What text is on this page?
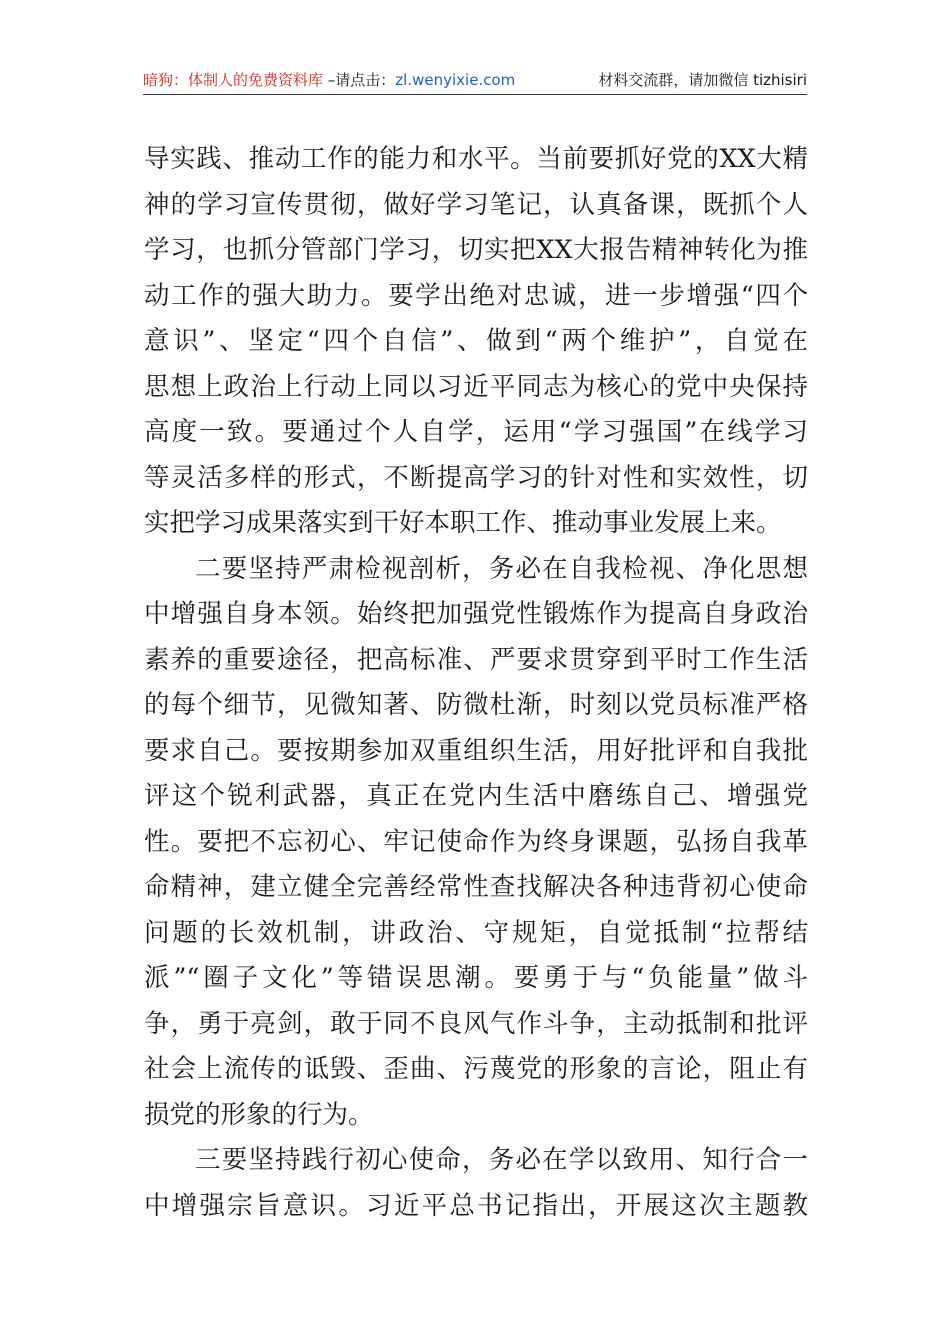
暗狗：体制人的免费资料库 –请点击：zl.wenyixie.com	材料交流群，请加微信 tizhisiri
导实践、推动工作的能力和水平。当前要抓好党的XX大精
神的学习宣传贯彻，做好学习笔记，认真备课，既抓个人
学习，也抓分管部门学习，切实把XX大报告精神转化为推
动工作的强大助力。要学出绝对忠诚，进一步增强“四个
意识”、坚定“四个自信”、做到“两个维护”，自觉在
思想上政治上行动上同以习近平同志为核心的党中央保持
高度一致。要通过个人自学，运用“学习强国”在线学习
等灵活多样的形式，不断提高学习的针对性和实效性，切
实把学习成果落实到干好本职工作、推动事业发展上来。
二要坚持严肃检视剖析，务必在自我检视、净化思想
中增强自身本领。始终把加强党性锻炼作为提高自身政治
素养的重要途径，把高标准、严要求贯穿到平时工作生活
的每个细节，见微知著、防微杜渐，时刻以党员标准严格
要求自己。要按期参加双重组织生活，用好批评和自我批
评这个锐利武器，真正在党内生活中磨练自己、增强党
性。要把不忘初心、牢记使命作为终身课题，弘扬自我革
命精神，建立健全完善经常性查找解决各种违背初心使命
问题的长效机制，讲政治、守规矩，自觉抵制“拉帮结
派”“圈子文化”等错误思潮。要勇于与“负能量”做斗
争，勇于亮剑，敢于同不良风气作斗争，主动抵制和批评
社会上流传的诋毁、歪曲、污蔑党的形象的言论，阻止有
损党的形象的行为。
三要坚持践行初心使命，务必在学以致用、知行合一
中增强宗旨意识。习近平总书记指出，开展这次主题教
